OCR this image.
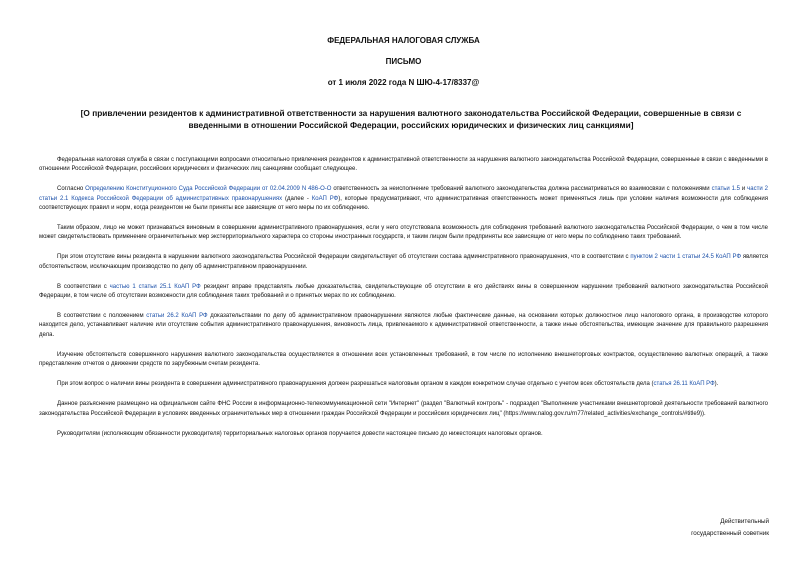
ФЕДЕРАЛЬНАЯ НАЛОГОВАЯ СЛУЖБА
ПИСЬМО
от 1 июля 2022 года N ШЮ-4-17/8337@
[О привлечении резидентов к административной ответственности за нарушения валютного законодательства Российской Федерации, совершенные в связи с введенными в отношении Российской Федерации, российских юридических и физических лиц санкциями]

Федеральная налоговая служба в связи с поступающими вопросами относительно привлечения резидентов к административной ответственности за нарушения валютного законодательства Российской Федерации, совершенные в связи с введенными в отношении Российской Федерации, российских юридических и физических лиц санкциями сообщает следующее.

Согласно Определению Конституционного Суда Российской Федерации от 02.04.2009 N 486-О-О ответственность за неисполнение требований валютного законодательства должна рассматриваться во взаимосвязи с положениями статьи 1.5 и части 2 статьи 2.1 Кодекса Российской Федерации об административных правонарушениях (далее - КоАП РФ), которые предусматривают, что административная ответственность может применяться лишь при условии наличия возможности для соблюдения соответствующих правил и норм, когда резидентом не были приняты все зависящие от него меры по их соблюдению.

Таким образом, лицо не может признаваться виновным в совершении административного правонарушения, если у него отсутствовала возможность для соблюдения требований валютного законодательства Российской Федерации, о чем в том числе может свидетельствовать применение ограничительных мер экстерриториального характера со стороны иностранных государств, и таким лицом были предприняты все зависящие от него меры по соблюдению таких требований.

При этом отсутствие вины резидента в нарушении валютного законодательства Российской Федерации свидетельствует об отсутствии состава административного правонарушения, что в соответствии с пунктом 2 части 1 статьи 24.5 КоАП РФ является обстоятельством, исключающим производство по делу об административном правонарушении.

В соответствии с частью 1 статьи 25.1 КоАП РФ резидент вправе представлять любые доказательства, свидетельствующие об отсутствии в его действиях вины в совершенном нарушении требований валютного законодательства Российской Федерации, в том числе об отсутствии возможности для соблюдения таких требований и о принятых мерах по их соблюдению.

В соответствии с положением статьи 26.2 КоАП РФ доказательствами по делу об административном правонарушении являются любые фактические данные, на основании которых должностное лицо налогового органа, в производстве которого находится дело, устанавливает наличие или отсутствие события административного правонарушения, виновность лица, привлекаемого к административной ответственности, а также иные обстоятельства, имеющие значение для правильного разрешения дела.

Изучение обстоятельств совершенного нарушения валютного законодательства осуществляется в отношении всех установленных требований, в том числе по исполнению внешнеторговых контрактов, осуществлению валютных операций, а также представление отчетов о движении средств по зарубежным счетам резидента.

При этом вопрос о наличии вины резидента в совершении административного правонарушения должен разрешаться налоговым органом в каждом конкретном случае отдельно с учетом всех обстоятельств дела (статья 26.11 КоАП РФ).

Данное разъяснение размещено на официальном сайте ФНС России в информационно-телекоммуникационной сети "Интернет" (раздел "Валютный контроль" - подраздел "Выполнение участниками внешнеторговой деятельности требований валютного законодательства Российской Федерации в условиях введенных ограничительных мер в отношении граждан Российской Федерации и российских юридических лиц" (https://www.nalog.gov.ru/rn77/related_activities/exchange_controls/#title9)).

Руководителям (исполняющим обязанности руководителя) территориальных налоговых органов поручается довести настоящее письмо до нижестоящих налоговых органов.

Действительный
государственный советник
